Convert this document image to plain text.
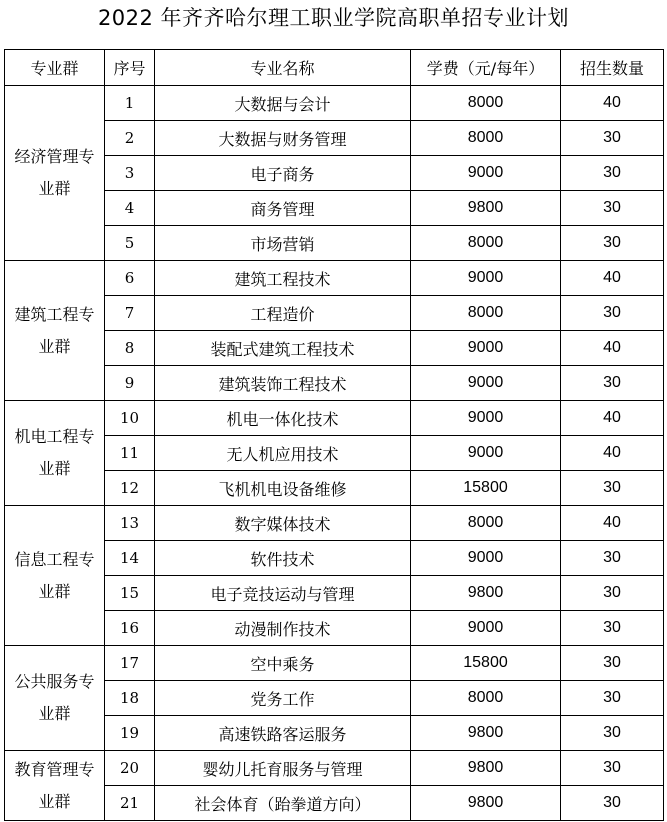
2022 年齐齐哈尔理工职业学院高职单招专业计划
专业群	序号	专业名称	学费（元/每年）	招生数量
经济管理专业群	1	大数据与会计	8000	40
	2	大数据与财务管理	8000	30
	3	电子商务	9000	30
	4	商务管理	9800	30
	5	市场营销	8000	30
建筑工程专业群	6	建筑工程技术	9000	40
	7	工程造价	8000	30
	8	装配式建筑工程技术	9000	40
	9	建筑装饰工程技术	9000	30
机电工程专业群	10	机电一体化技术	9000	40
	11	无人机应用技术	9000	40
	12	飞机机电设备维修	15800	30
信息工程专业群	13	数字媒体技术	8000	40
	14	软件技术	9000	30
	15	电子竞技运动与管理	9800	30
	16	动漫制作技术	9000	30
公共服务专业群	17	空中乘务	15800	30
	18	党务工作	8000	30
	19	高速铁路客运服务	9800	30
教育管理专业群	20	婴幼儿托育服务与管理	9800	30
	21	社会体育（跆拳道方向）	9800	30
